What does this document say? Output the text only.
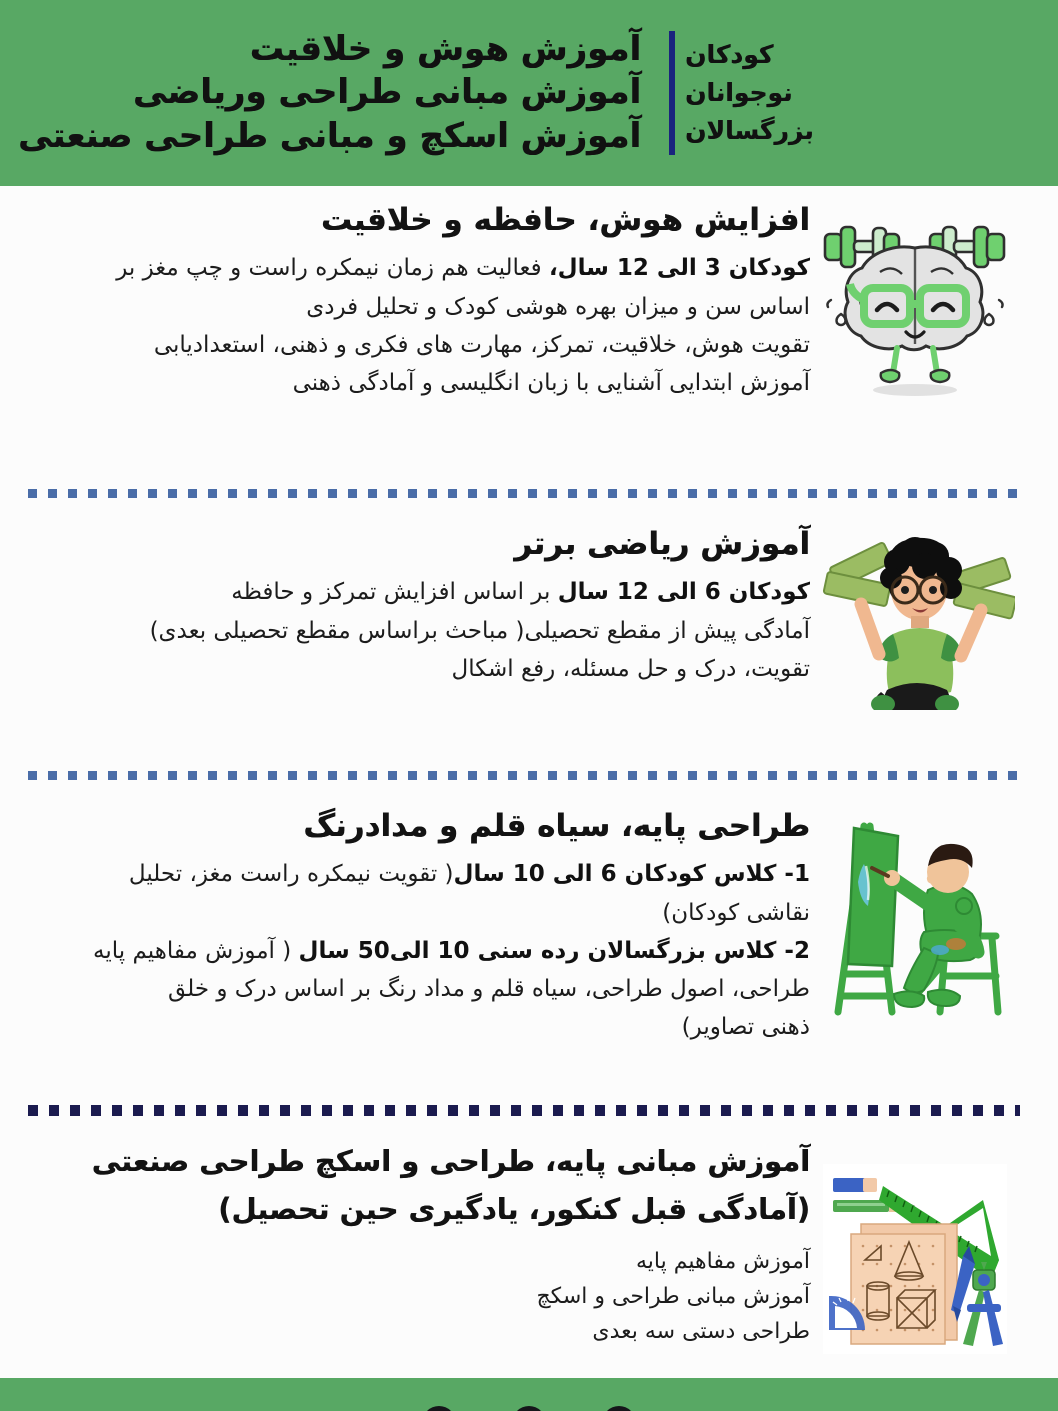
آموزش هوش و خلاقیت
آموزش مبانی طراحی وریاضی
آموزش اسکچ و مبانی طراحی صنعتی
کودکان
نوجوانان
بزرگسالان
افزایش هوش، حافظه و خلاقیت
کودکان 3 الی 12 سال، فعالیت هم زمان نیمکره راست و چپ مغز بر
اساس سن و میزان بهره هوشی کودک و تحلیل فردی
تقویت هوش، خلاقیت، تمرکز، مهارت های فکری و ذهنی، استعدادیابی
آموزش ابتدایی آشنایی با زبان انگلیسی و آمادگی ذهنی
آموزش ریاضی برتر
کودکان 6 الی 12 سال بر اساس افزایش تمرکز و حافظه
آمادگی پیش از مقطع تحصیلی( مباحث براساس مقطع تحصیلی بعدی)
تقویت، درک و حل مسئله، رفع اشکال
طراحی پایه، سیاه قلم و مدادرنگ
1- کلاس کودکان 6 الی 10 سال( تقویت نیمکره راست مغز، تحلیل
نقاشی کودکان)
2- کلاس بزرگسالان رده سنی 10 الی50 سال ( آموزش مفاهیم پایه
طراحی، اصول طراحی، سیاه قلم و مداد رنگ بر اساس درک و خلق
ذهنی تصاویر)
آموزش مبانی پایه، طراحی و اسکچ طراحی صنعتی
(آمادگی قبل کنکور، یادگیری حین تحصیل)
آموزش مفاهیم پایه
آموزش مبانی طراحی و اسکچ
طراحی دستی سه بعدی
